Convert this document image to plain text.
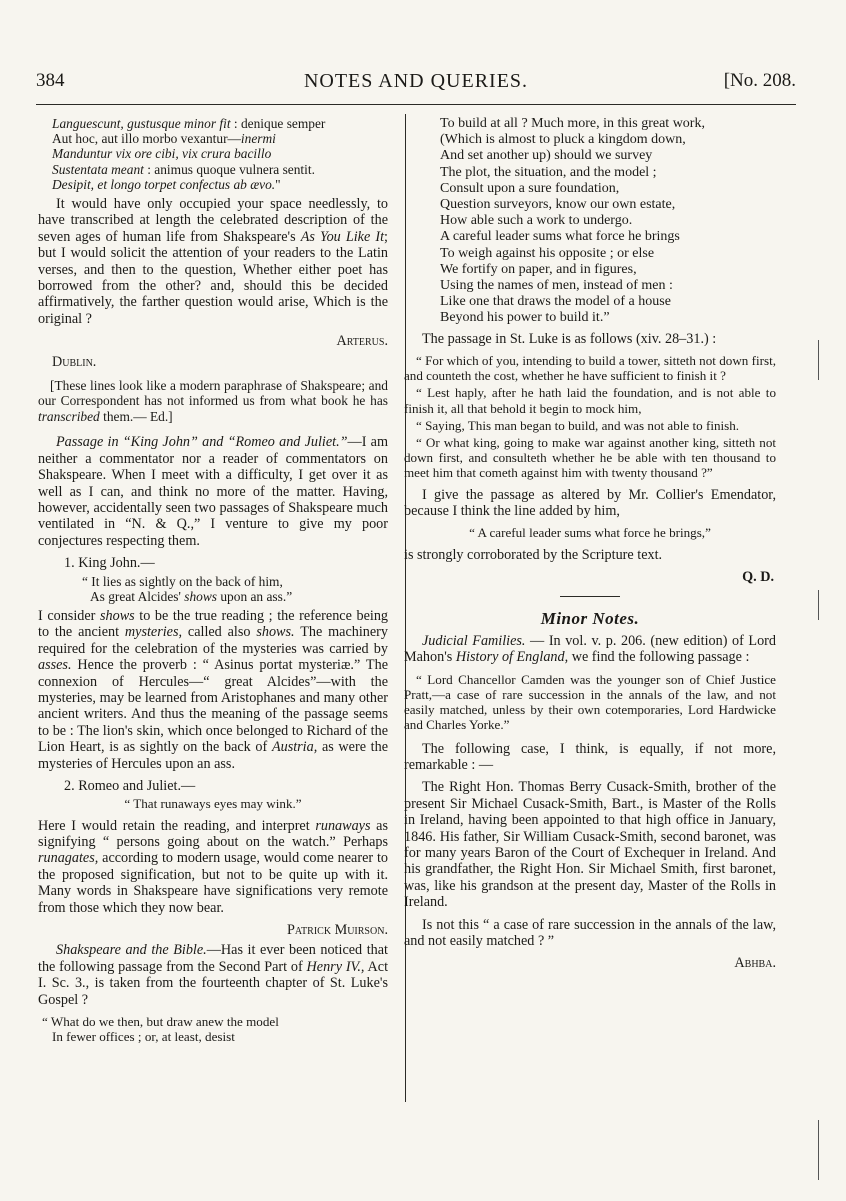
384	NOTES AND QUERIES.	[No. 208.
Languescunt, gustusque minor fit : denique semper
Aut hoc, aut illo morbo vexantur—inermi
Manduntur vix ore cibi, vix crura bacillo
Sustentata meant : animus quoque vulnera sentit.
Desipit, et longo torpet confectus ab ævo."

It would have only occupied your space needlessly, to have transcribed at length the celebrated description of the seven ages of human life from Shakspeare's As You Like It; but I would solicit the attention of your readers to the Latin verses, and then to the question, Whether either poet has borrowed from the other? and, should this be decided affirmatively, the farther question would arise, Which is the original ?

Arterus.
Dublin.

[These lines look like a modern paraphrase of Shakspeare; and our Correspondent has not informed us from what book he has transcribed them.— Ed.]

Passage in “King John” and “Romeo and Juliet.”—I am neither a commentator nor a reader of commentators on Shakspeare. When I meet with a difficulty, I get over it as well as I can, and think no more of the matter. Having, however, accidentally seen two passages of Shakspeare much ventilated in “N. & Q.,” I venture to give my poor conjectures respecting them.

1. King John.—
“ It lies as sightly on the back of him,
As great Alcides' shows upon an ass.”

I consider shows to be the true reading ; the reference being to the ancient mysteries, called also shows. The machinery required for the celebration of the mysteries was carried by asses. Hence the proverb : “ Asinus portat mysteriæ.” The connexion of Hercules—“ great Alcides”—with the mysteries, may be learned from Aristophanes and many other ancient writers. And thus the meaning of the passage seems to be : The lion's skin, which once belonged to Richard of the Lion Heart, is as sightly on the back of Austria, as were the mysteries of Hercules upon an ass.

2. Romeo and Juliet.—
“ That runaways eyes may wink.”

Here I would retain the reading, and interpret runaways as signifying “ persons going about on the watch.” Perhaps runagates, according to modern usage, would come nearer to the proposed signification, but not to be quite up with it. Many words in Shakspeare have significations very remote from those which they now bear.

Patrick Muirson.

Shakspeare and the Bible.—Has it ever been noticed that the following passage from the Second Part of Henry IV., Act I. Sc. 3., is taken from the fourteenth chapter of St. Luke's Gospel ?

“ What do we then, but draw anew the model
In fewer offices ; or, at least, desist
To build at all ? Much more, in this great work,
(Which is almost to pluck a kingdom down,
And set another up) should we survey
The plot, the situation, and the model ;
Consult upon a sure foundation,
Question surveyors, know our own estate,
How able such a work to undergo.
A careful leader sums what force he brings
To weigh against his opposite ; or else
We fortify on paper, and in figures,
Using the names of men, instead of men :
Like one that draws the model of a house
Beyond his power to build it.”

The passage in St. Luke is as follows (xiv. 28–31.) :

“ For which of you, intending to build a tower, sitteth not down first, and counteth the cost, whether he have sufficient to finish it ?

“ Lest haply, after he hath laid the foundation, and is not able to finish it, all that behold it begin to mock him,

“ Saying, This man began to build, and was not able to finish.

“ Or what king, going to make war against another king, sitteth not down first, and consulteth whether he be able with ten thousand to meet him that cometh against him with twenty thousand ?”

I give the passage as altered by Mr. Collier's Emendator, because I think the line added by him,

“ A careful leader sums what force he brings,”

is strongly corroborated by the Scripture text.

Q. D.
Minor Notes.

Judicial Families. — In vol. v. p. 206. (new edition) of Lord Mahon's History of England, we find the following passage :

“ Lord Chancellor Camden was the younger son of Chief Justice Pratt,—a case of rare succession in the annals of the law, and not easily matched, unless by their own cotemporaries, Lord Hardwicke and Charles Yorke.”

The following case, I think, is equally, if not more, remarkable : —

The Right Hon. Thomas Berry Cusack-Smith, brother of the present Sir Michael Cusack-Smith, Bart., is Master of the Rolls in Ireland, having been appointed to that high office in January, 1846. His father, Sir William Cusack-Smith, second baronet, was for many years Baron of the Court of Exchequer in Ireland. And his grandfather, the Right Hon. Sir Michael Smith, first baronet, was, like his grandson at the present day, Master of the Rolls in Ireland.

Is not this “ a case of rare succession in the annals of the law, and not easily matched ? ”

Abhba.
